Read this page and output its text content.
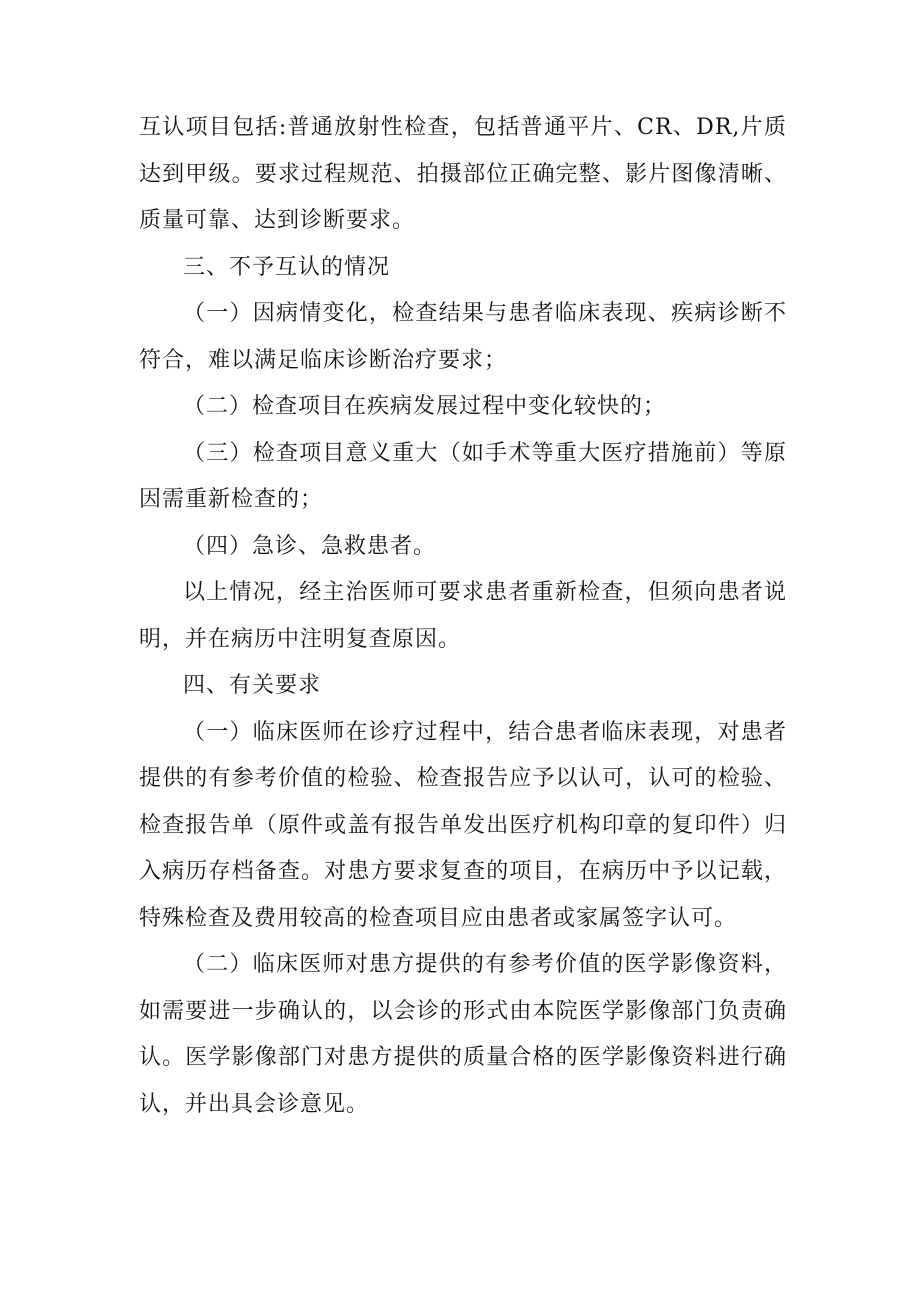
互认项目包括:普通放射性检查，包括普通平片、CR、DR,片质达到甲级。要求过程规范、拍摄部位正确完整、影片图像清晰、质量可靠、达到诊断要求。

三、不予互认的情况

（一）因病情变化，检查结果与患者临床表现、疾病诊断不符合，难以满足临床诊断治疗要求；

（二）检查项目在疾病发展过程中变化较快的；

（三）检查项目意义重大（如手术等重大医疗措施前）等原因需重新检查的；

（四）急诊、急救患者。

以上情况，经主治医师可要求患者重新检查，但须向患者说明，并在病历中注明复查原因。

四、有关要求

（一）临床医师在诊疗过程中，结合患者临床表现，对患者提供的有参考价值的检验、检查报告应予以认可，认可的检验、检查报告单（原件或盖有报告单发出医疗机构印章的复印件）归入病历存档备查。对患方要求复查的项目，在病历中予以记载，特殊检查及费用较高的检查项目应由患者或家属签字认可。

（二）临床医师对患方提供的有参考价值的医学影像资料，如需要进一步确认的，以会诊的形式由本院医学影像部门负责确认。医学影像部门对患方提供的质量合格的医学影像资料进行确认，并出具会诊意见。
